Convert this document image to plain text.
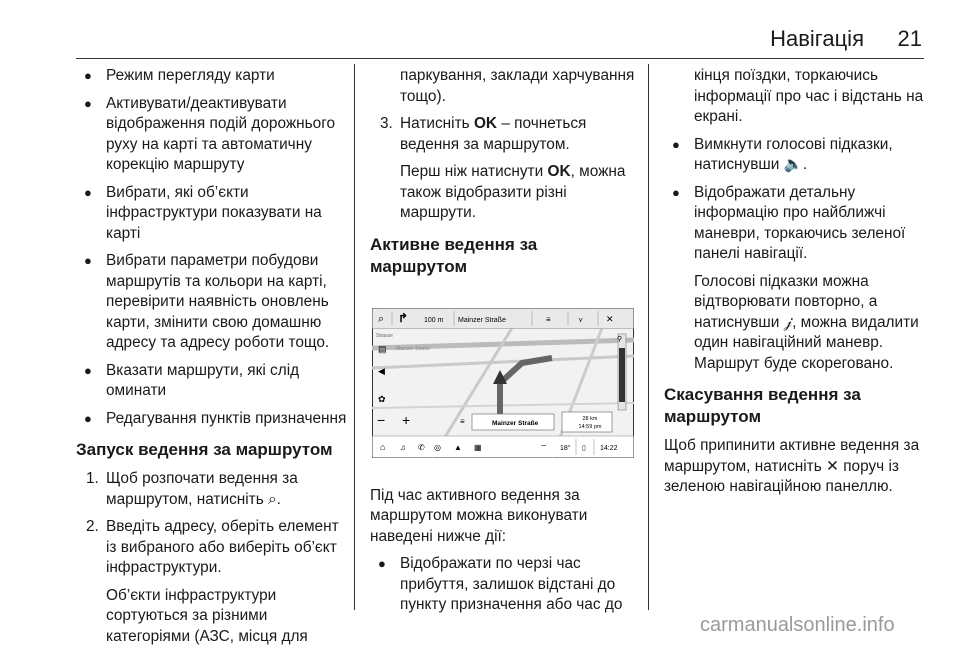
Навігація 21
● Режим перегляду карти
● Активувати/деактивувати відображення подій дорожнього руху на карті та автоматичну корекцію маршруту
● Вибрати, які об’єкти інфраструктури показувати на карті
● Вибрати параметри побудови маршрутів та кольори на карті, перевірити наявність оновлень карти, змінити свою домашню адресу та адресу роботи тощо.
● Вказати маршрути, які слід оминати
● Редагування пунктів призначення
Запуск ведення за маршрутом
1. Щоб розпочати ведення за маршрутом, натисніть ⌕.
2. Введіть адресу, оберіть елемент із вибраного або виберіть об’єкт інфраструктури.

Об’єкти інфраструктури сортуються за різними категоріями (АЗС, місця для

паркування, заклади харчування тощо).

3. Натисніть OK – почнеться ведення за маршрутом.

Перш ніж натиснути OK, можна також відобразити різні маршрути.

Активне ведення за маршрутом
⌕ ↱ 100 m Mainzer Straße	≡	⋎	✕
Strasse
Mainzer Straße
▤
◀
✿
− +	≡	Mainzer Straße
28 km
14:59 pm
⚲
⌂ ♫ ✆ ◎ ▲ ▦	⌔ 18° ▯ 14:22

Під час активного ведення за маршрутом можна виконувати наведені нижче дії:

● Відображати по черзі час прибуття, залишок відстані до пункту призначення або час до

кінця поїздки, торкаючись інформації про час і відстань на екрані.

● Вимкнути голосові підказки, натиснувши 🔈.
● Відображати детальну інформацію про найближчі маневри, торкаючись зеленої панелі навігації.

Голосові підказки можна відтворювати повторно, а натиснувши 𝒿, можна видалити один навігаційний маневр. Маршрут буде скореговано.

Скасування ведення за маршрутом

Щоб припинити активне ведення за маршрутом, натисніть ✕ поруч із зеленою навігаційною панеллю.

carmanualsonline.info
